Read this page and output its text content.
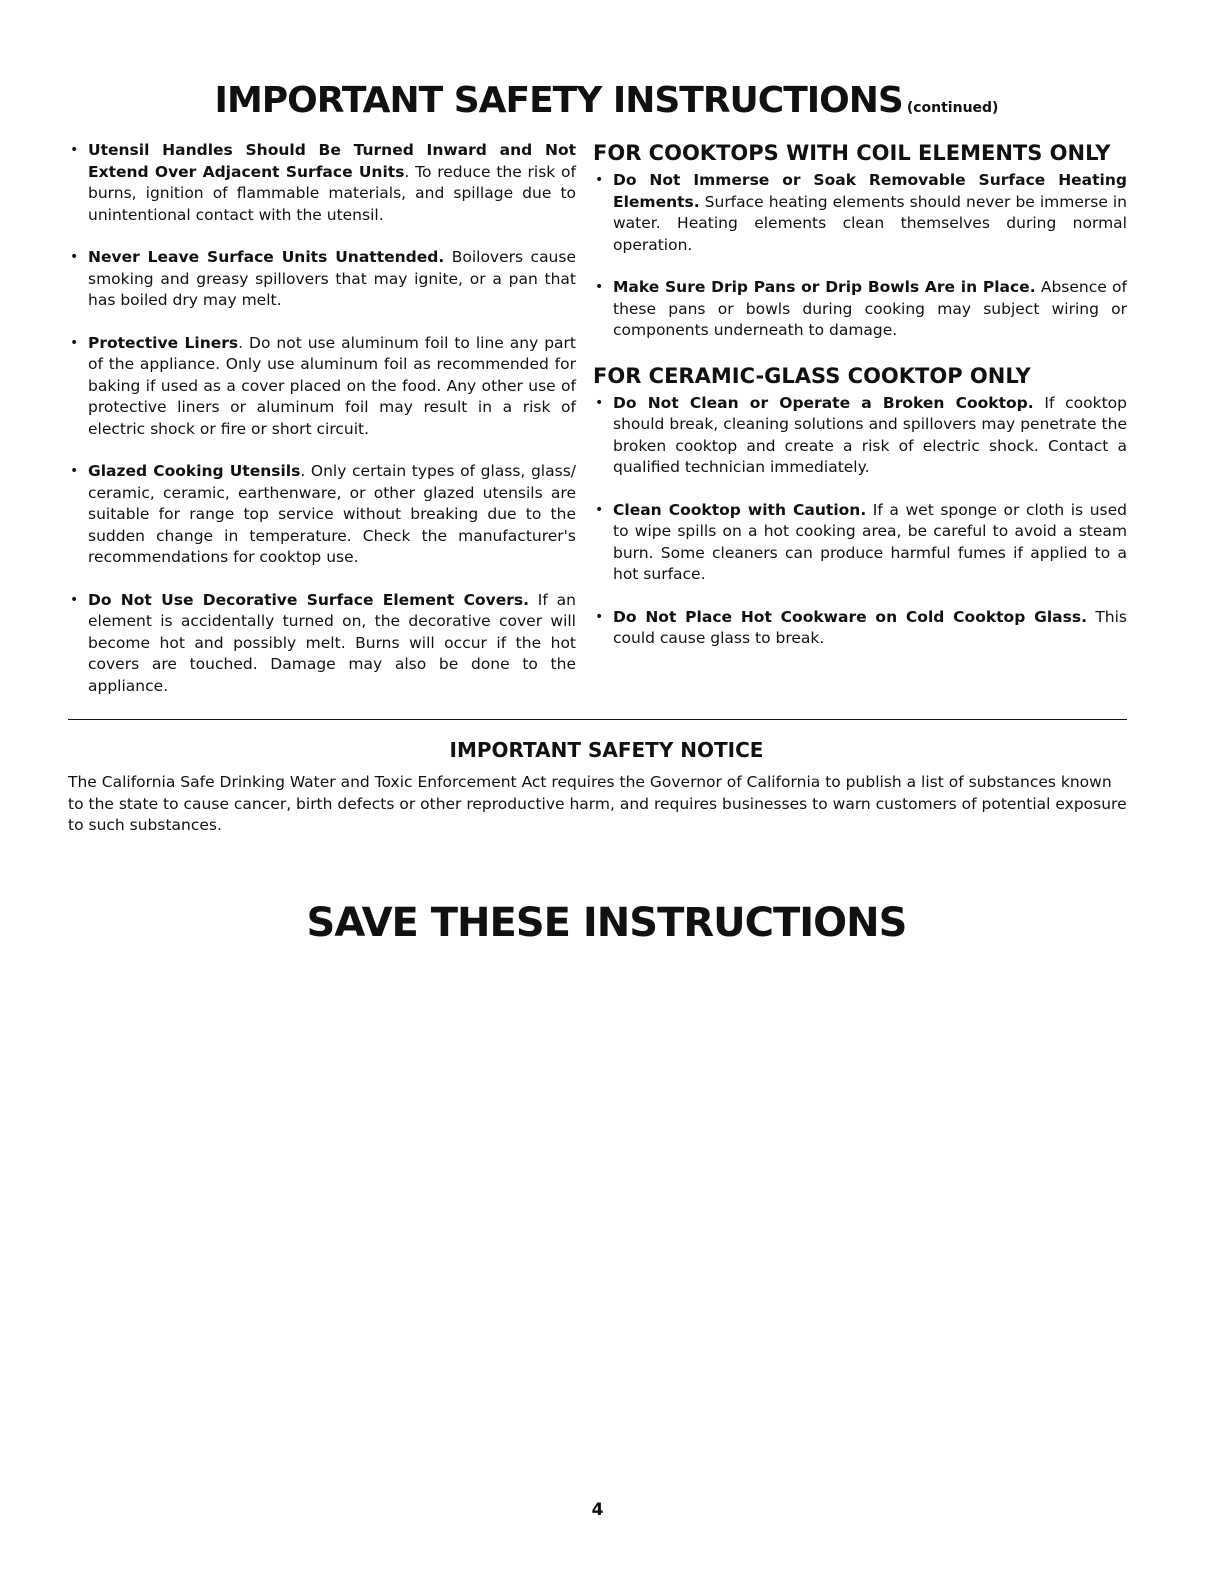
IMPORTANT SAFETY INSTRUCTIONS (continued)
• Utensil Handles Should Be Turned Inward and Not Extend Over Adjacent Surface Units. To reduce the risk of burns, ignition of flammable materials, and spillage due to unintentional contact with the utensil.
• Never Leave Surface Units Unattended. Boilovers cause smoking and greasy spillovers that may ignite, or a pan that has boiled dry may melt.
• Protective Liners. Do not use aluminum foil to line any part of the appliance. Only use aluminum foil as recommended for baking if used as a cover placed on the food. Any other use of protective liners or aluminum foil may result in a risk of electric shock or fire or short circuit.
• Glazed Cooking Utensils. Only certain types of glass, glass/ ceramic, ceramic, earthenware, or other glazed utensils are suitable for range top service without breaking due to the sudden change in temperature. Check the manufacturer's recommendations for cooktop use.
• Do Not Use Decorative Surface Element Covers. If an element is accidentally turned on, the decorative cover will become hot and possibly melt. Burns will occur if the hot covers are touched. Damage may also be done to the appliance.
FOR COOKTOPS WITH COIL ELEMENTS ONLY
• Do Not Immerse or Soak Removable Surface Heating Elements. Surface heating elements should never be immerse in water. Heating elements clean themselves during normal operation.
• Make Sure Drip Pans or Drip Bowls Are in Place. Absence of these pans or bowls during cooking may subject wiring or components underneath to damage.
FOR CERAMIC-GLASS COOKTOP ONLY
• Do Not Clean or Operate a Broken Cooktop. If cooktop should break, cleaning solutions and spillovers may penetrate the broken cooktop and create a risk of electric shock. Contact a qualified technician immediately.
• Clean Cooktop with Caution. If a wet sponge or cloth is used to wipe spills on a hot cooking area, be careful to avoid a steam burn. Some cleaners can produce harmful fumes if applied to a hot surface.
• Do Not Place Hot Cookware on Cold Cooktop Glass. This could cause glass to break.
IMPORTANT SAFETY NOTICE
The California Safe Drinking Water and Toxic Enforcement Act requires the Governor of California to publish a list of substances known to the state to cause cancer, birth defects or other reproductive harm, and requires businesses to warn customers of potential exposure to such substances.
SAVE THESE INSTRUCTIONS
4
